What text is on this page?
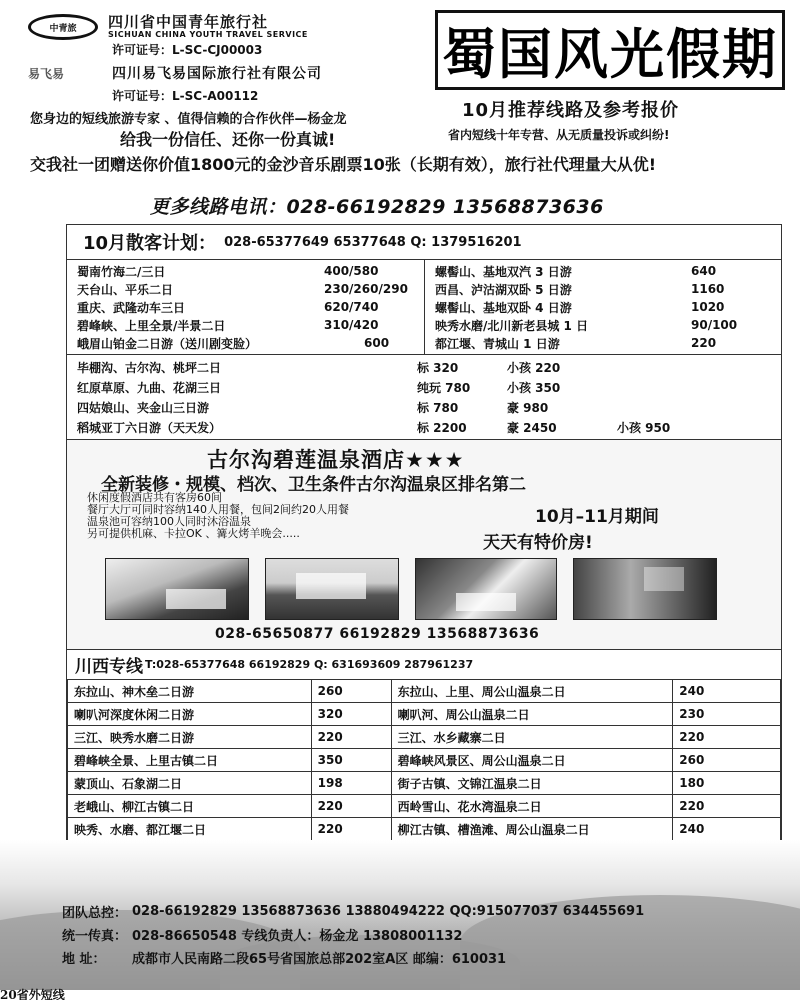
中青旅	四川省中国青年旅行社
SICHUAN CHINA YOUTH TRAVEL SERVICE
许可证号：L-SC-CJ00003
易飞易	四川易飞易国际旅行社有限公司
许可证号：L-SC-A00112
蜀国风光假期
您身边的短线旅游专家 、值得信赖的合作伙伴—杨金龙
给我一份信任、还你一份真诚!
10月推荐线路及参考报价
省内短线十年专营、从无质量投诉或纠纷!
交我社一团赠送你价值1800元的金沙音乐剧票10张（长期有效），旅行社代理量大从优!
更多线路电讯：028-66192829 13568873636
10月散客计划： 028-65377649 65377648 Q: 1379516201
蜀南竹海二/三日	400/580
天台山、平乐二日	230/260/290
重庆、武隆动车三日	620/740
碧峰峡、上里全景/半景二日	310/420
峨眉山铂金二日游（送川剧变脸）	600
螺髻山、基地双汽 3 日游	640
西昌、泸沽湖双卧 5 日游	1160
螺髻山、基地双卧 4 日游	1020
映秀水磨/北川新老县城 1 日	90/100
都江堰、青城山 1 日游	220
毕棚沟、古尔沟、桃坪二日	标 320	小孩 220
红原草原、九曲、花湖三日	纯玩 780	小孩 350
四姑娘山、夹金山三日游	标 780	豪 980
稻城亚丁六日游（天天发）	标 2200	豪 2450	小孩 950
古尔沟碧莲温泉酒店★★★
全新装修・规模、档次、卫生条件古尔沟温泉区排名第二
休闲度假酒店共有客房60间
餐厅大厅可同时容纳140人用餐，包间2间约20人用餐
温泉池可容纳100人同时沐浴温泉
另可提供机麻、卡拉OK 、篝火烤羊晚会.....
10月–11月期间
天天有特价房!
028-65650877 66192829 13568873636
川西专线 T:028-65377648 66192829 Q: 631693609 287961237
东拉山、神木垒二日游	260	东拉山、上里、周公山温泉二日	240
喇叭河深度休闲二日游	320	喇叭河、周公山温泉二日	230
三江、映秀水磨二日游	220	三江、水乡藏寨二日	220
碧峰峡全景、上里古镇二日	350	碧峰峡风景区、周公山温泉二日	260
蒙顶山、石象湖二日	198	街子古镇、文锦江温泉二日	180
老峨山、柳江古镇二日	220	西岭雪山、花水湾温泉二日	220
映秀、水磨、都江堰二日	220	柳江古镇、槽渔滩、周公山温泉二日	240

团队总控： 028-66192829 13568873636 13880494222 QQ:915077037 634455691
统一传真： 028-86650548 专线负责人：杨金龙 13808001132
地 址：	成都市人民南路二段65号省国旅总部202室A区 邮编：610031
20省外短线
